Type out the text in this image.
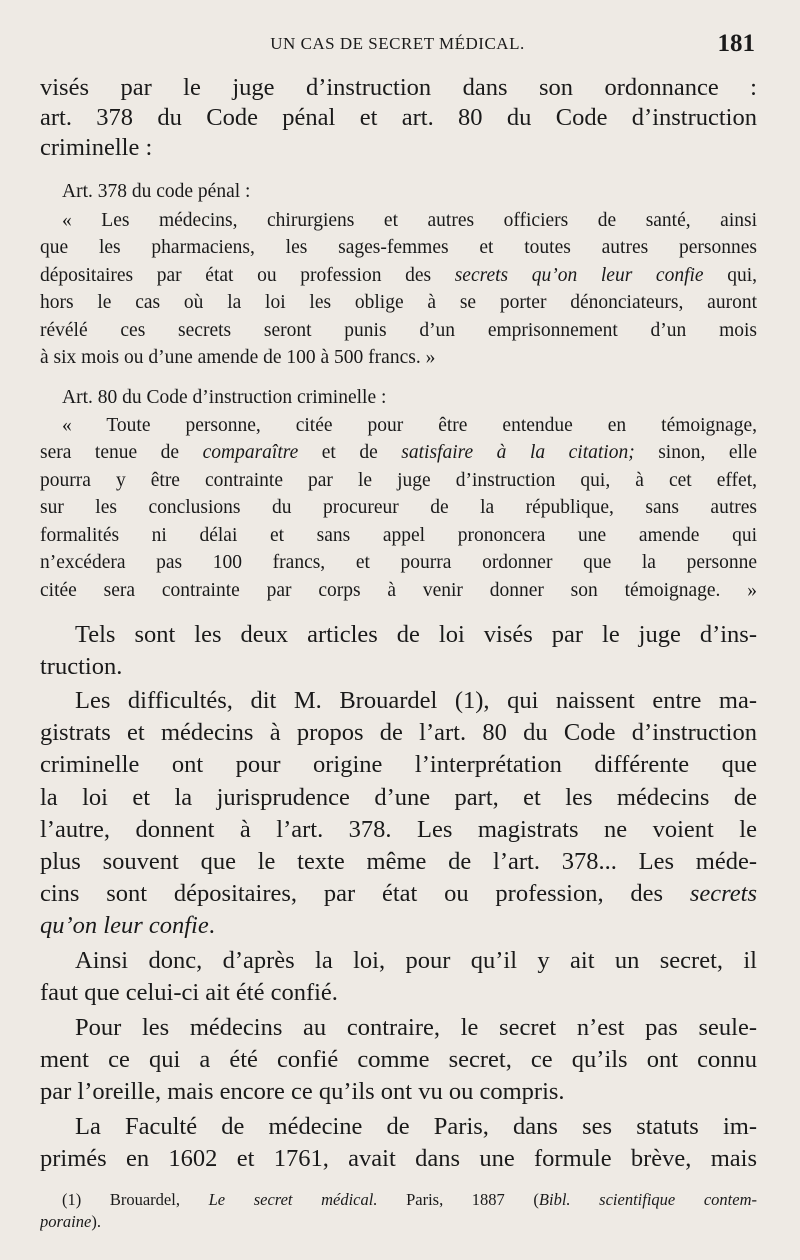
UN CAS DE SECRET MÉDICAL.	181
visés par le juge d’instruction dans son ordonnance :
art. 378 du Code pénal et art. 80 du Code d’instruction
criminelle :
Art. 378 du code pénal :
« Les médecins, chirurgiens et autres officiers de santé, ainsi
que les pharmaciens, les sages-femmes et toutes autres personnes
dépositaires par état ou profession des secrets qu’on leur confie qui,
hors le cas où la loi les oblige à se porter dénonciateurs, auront
révélé ces secrets seront punis d’un emprisonnement d’un mois
à six mois ou d’une amende de 100 à 500 francs. »
Art. 80 du Code d’instruction criminelle :
« Toute personne, citée pour être entendue en témoignage,
sera tenue de comparaître et de satisfaire à la citation; sinon, elle
pourra y être contrainte par le juge d’instruction qui, à cet effet,
sur les conclusions du procureur de la république, sans autres
formalités ni délai et sans appel prononcera une amende qui
n’excédera pas 100 francs, et pourra ordonner que la personne
citée sera contrainte par corps à venir donner son témoignage. »
Tels sont les deux articles de loi visés par le juge d’ins-
truction.
Les difficultés, dit M. Brouardel (1), qui naissent entre ma-
gistrats et médecins à propos de l’art. 80 du Code d’instruction
criminelle ont pour origine l’interprétation différente que
la loi et la jurisprudence d’une part, et les médecins de
l’autre, donnent à l’art. 378. Les magistrats ne voient le
plus souvent que le texte même de l’art. 378... Les méde-
cins sont dépositaires, par état ou profession, des secrets
qu’on leur confie.
Ainsi donc, d’après la loi, pour qu’il y ait un secret, il
faut que celui-ci ait été confié.
Pour les médecins au contraire, le secret n’est pas seule-
ment ce qui a été confié comme secret, ce qu’ils ont connu
par l’oreille, mais encore ce qu’ils ont vu ou compris.
La Faculté de médecine de Paris, dans ses statuts im-
primés en 1602 et 1761, avait dans une formule brève, mais
(1) Brouardel, Le secret médical. Paris, 1887 (Bibl. scientifique contem-
poraine).
